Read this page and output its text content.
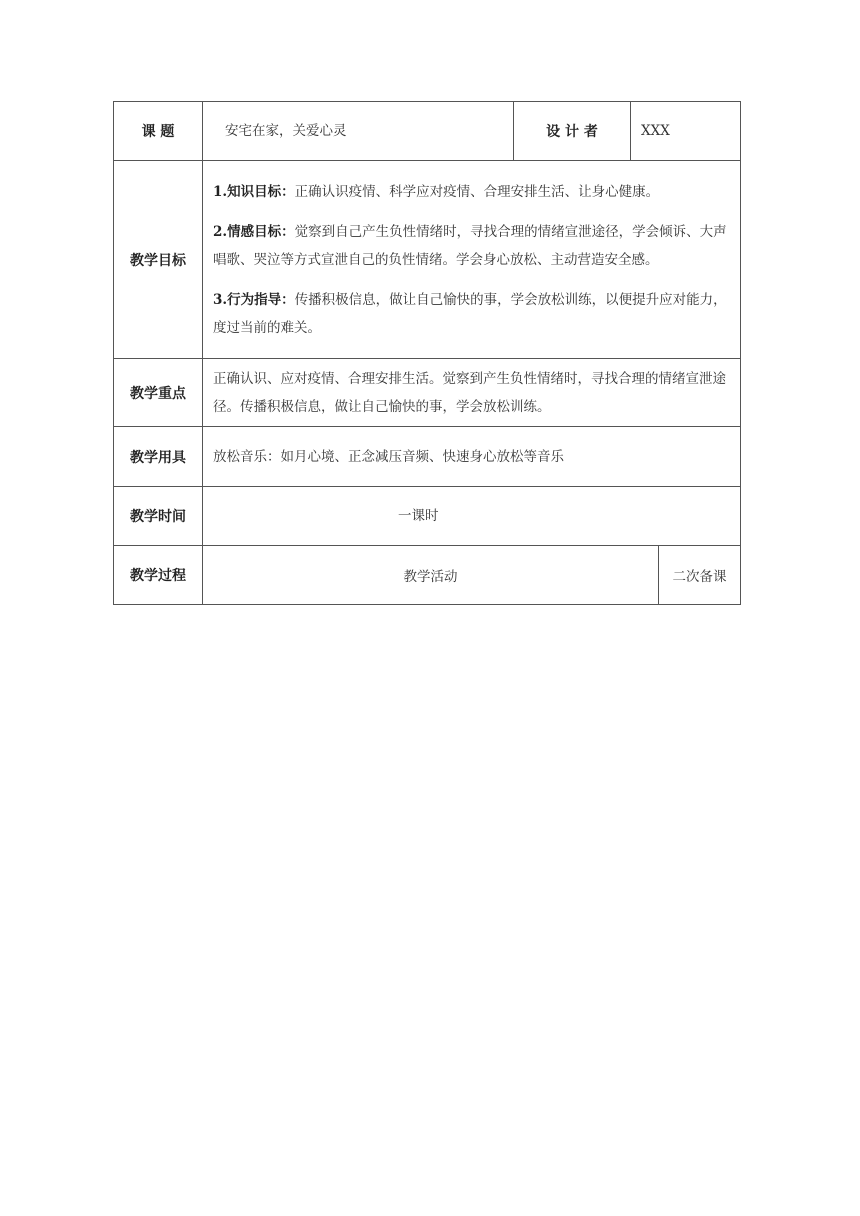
课 题	安宅在家，关爱心灵	设 计 者	XXX	
教学目标	1.知识目标：正确认识疫情、科学应对疫情、合理安排生活、让身心健康。

2.情感目标：觉察到自己产生负性情绪时，寻找合理的情绪宣泄途径，学会倾诉、大声唱歌、哭泣等方式宣泄自己的负性情绪。学会身心放松、主动营造安全感。

3.行为指导：传播积极信息，做让自己愉快的事，学会放松训练，以便提升应对能力，度过当前的难关。			

教学重点	正确认识、应对疫情、合理安排生活。觉察到产生负性情绪时，寻找合理的情绪宣泄途径。传播积极信息，做让自己愉快的事，学会放松训练。			
教学用具	放松音乐：如月心境、正念减压音频、快速身心放松等音乐			
教学时间	一课时			
教学过程	教学活动			二次备课
